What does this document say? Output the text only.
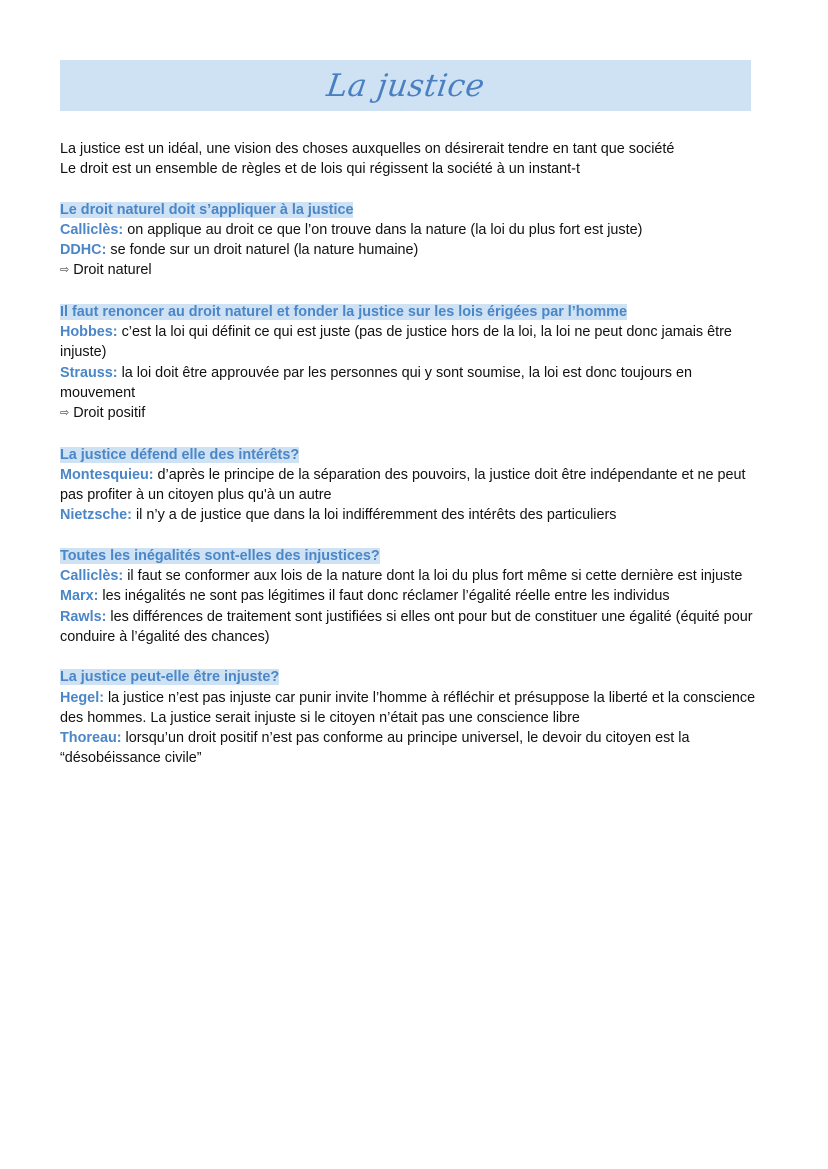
La justice
La justice est un idéal, une vision des choses auxquelles on désirerait tendre en tant que société
Le droit est un ensemble de règles et de lois qui régissent la société à un instant-t
Le droit naturel doit s’appliquer à la justice
Calliclès: on applique au droit ce que l’on trouve dans la nature (la loi du plus fort est juste)
DDHC: se fonde sur un droit naturel (la nature humaine)
⇨ Droit naturel
Il faut renoncer au droit naturel et fonder la justice sur les lois érigées par l’homme
Hobbes: c’est la loi qui définit ce qui est juste (pas de justice hors de la loi, la loi ne peut donc jamais être injuste)
Strauss: la loi doit être approuvée par les personnes qui y sont soumise, la loi est donc toujours en mouvement
⇨ Droit positif
La justice défend elle des intérêts?
Montesquieu: d’après le principe de la séparation des pouvoirs, la justice doit être indépendante et ne peut pas profiter à un citoyen plus qu'à un autre
Nietzsche: il n’y a de justice que dans la loi indifféremment des intérêts des particuliers
Toutes les inégalités sont-elles des injustices?
Calliclès: il faut se conformer aux lois de la nature dont la loi du plus fort même si cette dernière est injuste
Marx: les inégalités ne sont pas légitimes il faut donc réclamer l’égalité réelle entre les individus
Rawls: les différences de traitement sont justifiées si elles ont pour but de constituer une égalité (équité pour conduire à l’égalité des chances)
La justice peut-elle être injuste?
Hegel: la justice n’est pas injuste car punir invite l’homme à réfléchir et présuppose la liberté et la conscience des hommes. La justice serait injuste si le citoyen n’était pas une conscience libre
Thoreau: lorsqu’un droit positif n’est pas conforme au principe universel, le devoir du citoyen est la “désobéissance civile”
